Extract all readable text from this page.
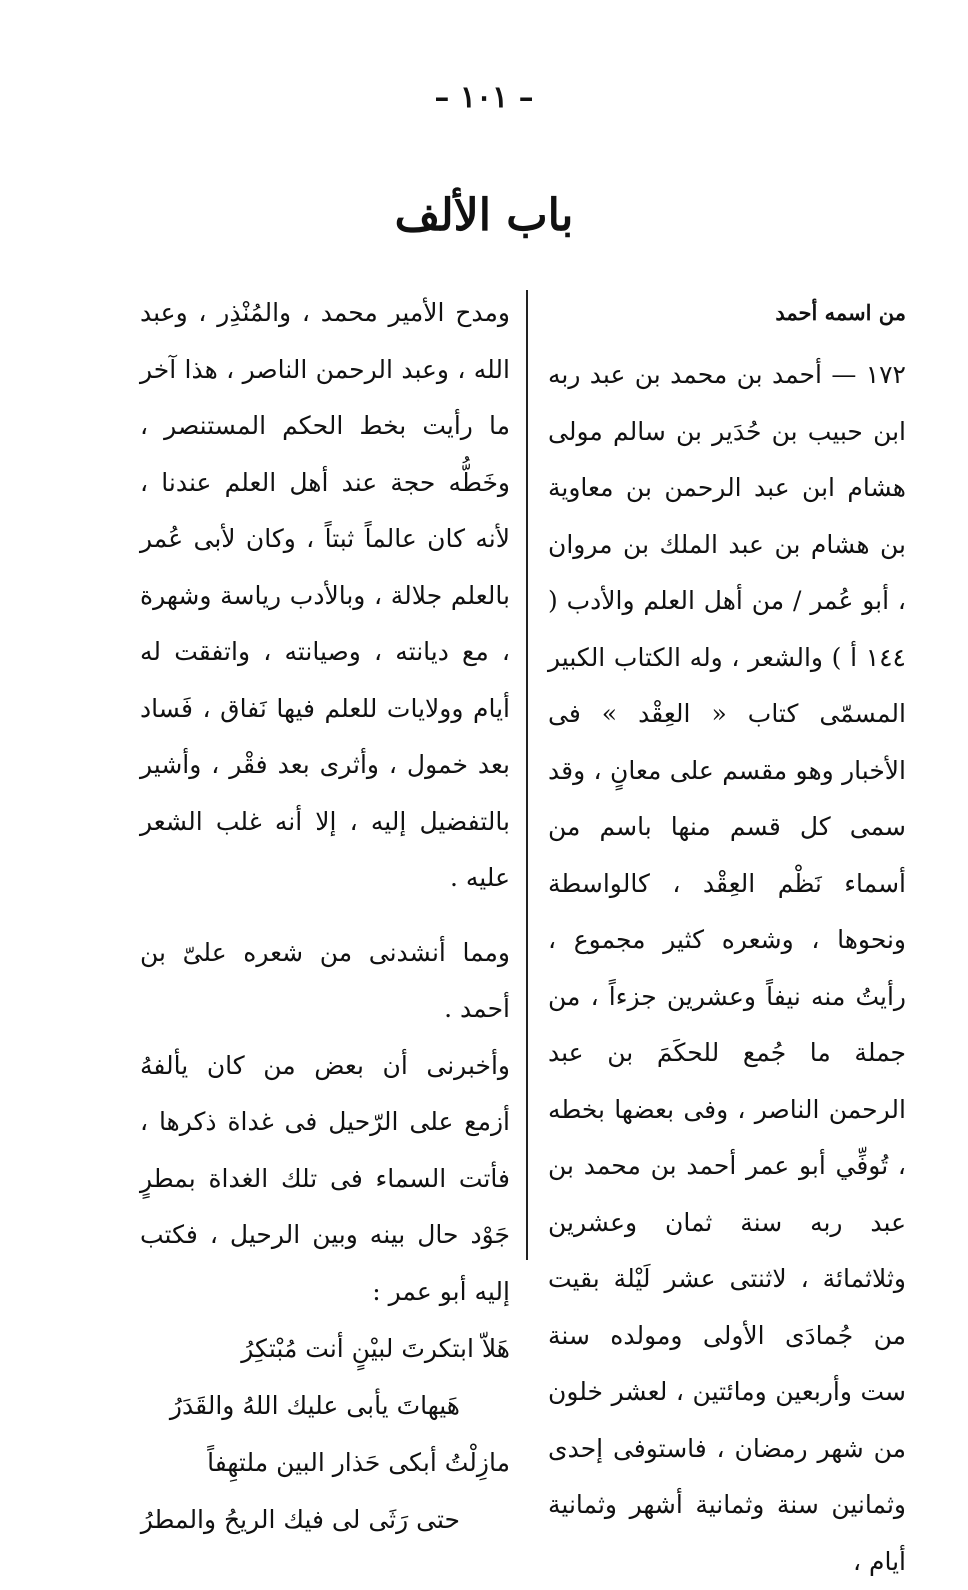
– ١٠١ –
باب الألف

من اسمه أحمد

١٧٢ — أحمد بن محمد بن عبد ربه ابن حبيب بن حُدَير بن سالم مولى هشام ابن عبد الرحمن بن معاوية بن هشام بن عبد الملك بن مروان ، أبو عُمر / من أهل العلم والأدب ( ١٤٤ أ ) والشعر ، وله الكتاب الكبير المسمّى كتاب « العِقْد » فى الأخبار وهو مقسم على معانٍ ، وقد سمى كل قسم منها باسم من أسماء نَظْم العِقْد ، كالواسطة ونحوها ، وشعره كثير مجموع ، رأيتُ منه نيفاً وعشرين جزءاً ، من جملة ما جُمع للحكَمَ بن عبد الرحمن الناصر ، وفى بعضها بخطه ، تُوفِّي أبو عمر أحمد بن محمد بن عبد ربه سنة ثمان وعشرين وثلاثمائة ، لاثنتى عشر لَيْلة بقيت من جُمادَى الأولى ومولده سنة ست وأربعين ومائتين ، لعشر خلون من شهر رمضان ، فاستوفى إحدى وثمانين سنة وثمانية أشهر وثمانية أيام ،

ومدح الأمير محمد ، والمُنْذِر ، وعبد الله ، وعبد الرحمن الناصر ، هذا آخر ما رأيت بخط الحكم المستنصر ، وخَطُّه حجة عند أهل العلم عندنا ، لأنه كان عالماً ثبتاً ، وكان لأبى عُمر بالعلم جلالة ، وبالأدب رياسة وشهرة ، مع ديانته ، وصيانته ، واتفقت له أيام وولايات للعلم فيها نَفاق ، فَساد بعد خمول ، وأثرى بعد فقْر ، وأشير بالتفضيل إليه ، إلا أنه غلب الشعر عليه .

ومما أنشدنى من شعره علىّ بن أحمد .

وأخبرنى أن بعض من كان يألفهُ أزمع على الرّحيل فى غداة ذكرها ، فأتت السماء فى تلك الغداة بمطرٍ جَوْد حال بينه وبين الرحيل ، فكتب إليه أبو عمر :

هَلاّ ابتكرتَ لبيْنٍ أنت مُبْتكِرُ

هَيهاتَ يأبى عليك اللهُ والقَدَرُ

مازِلْتُ أبكى حَذار البين ملتهِفاً

حتى رَثَى لى فيك الريحُ والمطرُ
